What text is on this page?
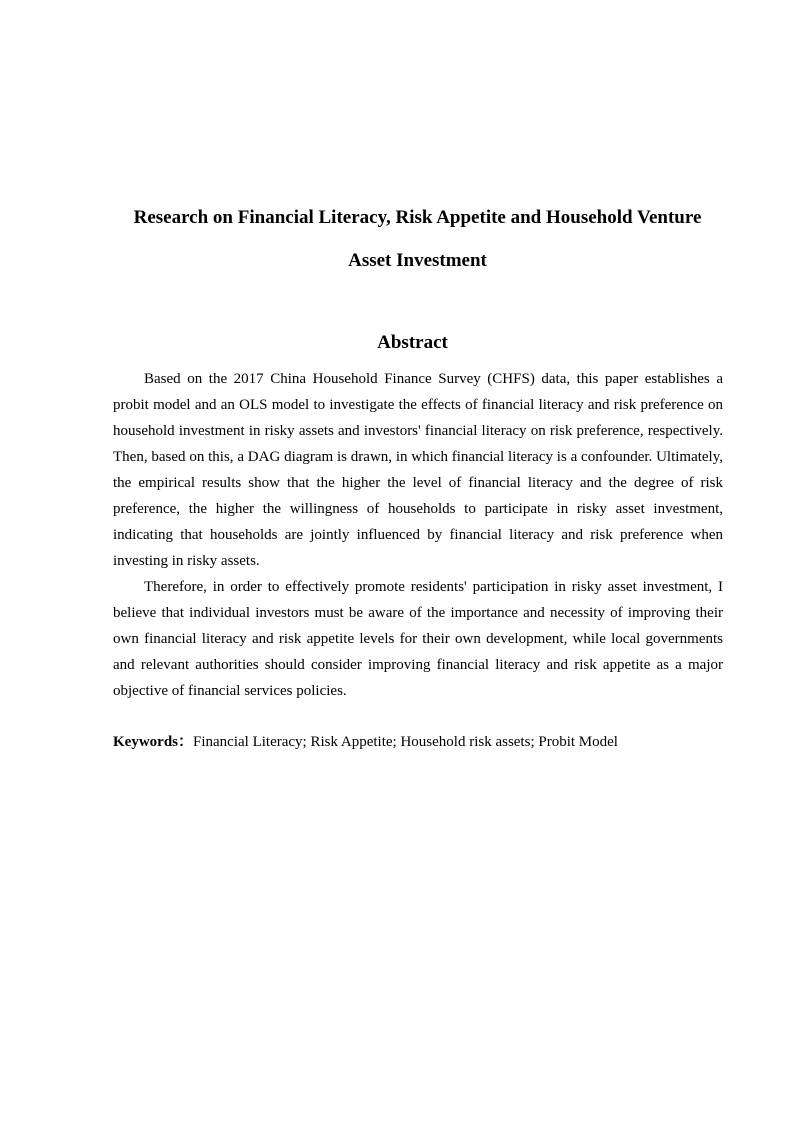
Research on Financial Literacy, Risk Appetite and Household Venture
Asset Investment
Abstract

Based on the 2017 China Household Finance Survey (CHFS) data, this paper establishes a probit model and an OLS model to investigate the effects of financial literacy and risk preference on household investment in risky assets and investors' financial literacy on risk preference, respectively. Then, based on this, a DAG diagram is drawn, in which financial literacy is a confounder. Ultimately, the empirical results show that the higher the level of financial literacy and the degree of risk preference, the higher the willingness of households to participate in risky asset investment, indicating that households are jointly influenced by financial literacy and risk preference when investing in risky assets.

Therefore, in order to effectively promote residents' participation in risky asset investment, I believe that individual investors must be aware of the importance and necessity of improving their own financial literacy and risk appetite levels for their own development, while local governments and relevant authorities should consider improving financial literacy and risk appetite as a major objective of financial services policies.

Keywords：Financial Literacy; Risk Appetite; Household risk assets; Probit Model
